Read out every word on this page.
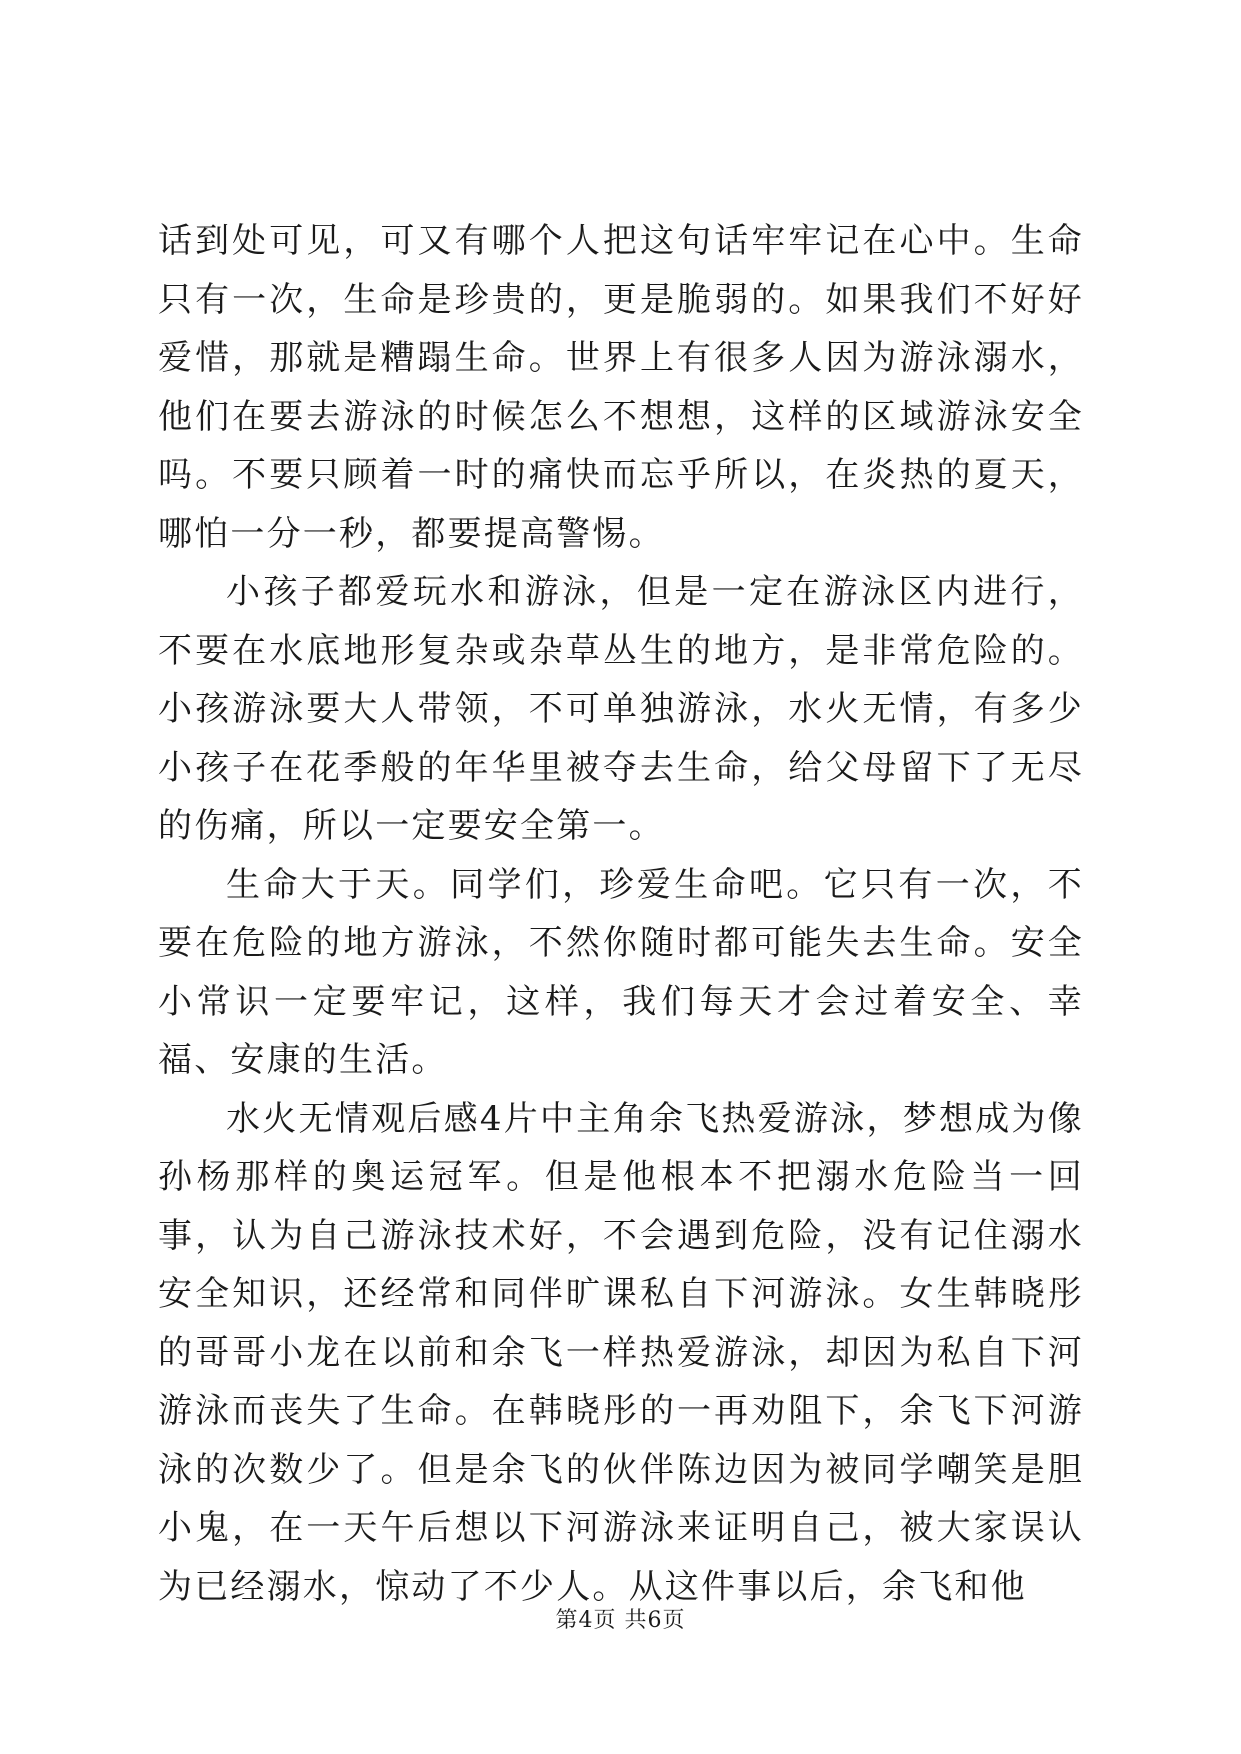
话到处可见，可又有哪个人把这句话牢牢记在心中。生命只有一次，生命是珍贵的，更是脆弱的。如果我们不好好爱惜，那就是糟蹋生命。世界上有很多人因为游泳溺水，他们在要去游泳的时候怎么不想想，这样的区域游泳安全吗。不要只顾着一时的痛快而忘乎所以，在炎热的夏天，哪怕一分一秒，都要提高警惕。

小孩子都爱玩水和游泳，但是一定在游泳区内进行，不要在水底地形复杂或杂草丛生的地方，是非常危险的。小孩游泳要大人带领，不可单独游泳，水火无情，有多少小孩子在花季般的年华里被夺去生命，给父母留下了无尽的伤痛，所以一定要安全第一。

生命大于天。同学们，珍爱生命吧。它只有一次，不要在危险的地方游泳，不然你随时都可能失去生命。安全小常识一定要牢记，这样，我们每天才会过着安全、幸福、安康的生活。

水火无情观后感4片中主角余飞热爱游泳，梦想成为像孙杨那样的奥运冠军。但是他根本不把溺水危险当一回事，认为自己游泳技术好，不会遇到危险，没有记住溺水安全知识，还经常和同伴旷课私自下河游泳。女生韩晓彤的哥哥小龙在以前和余飞一样热爱游泳，却因为私自下河游泳而丧失了生命。在韩晓彤的一再劝阻下，余飞下河游泳的次数少了。但是余飞的伙伴陈边因为被同学嘲笑是胆小鬼，在一天午后想以下河游泳来证明自己，被大家误认为已经溺水，惊动了不少人。从这件事以后，余飞和他

第4页 共6页
